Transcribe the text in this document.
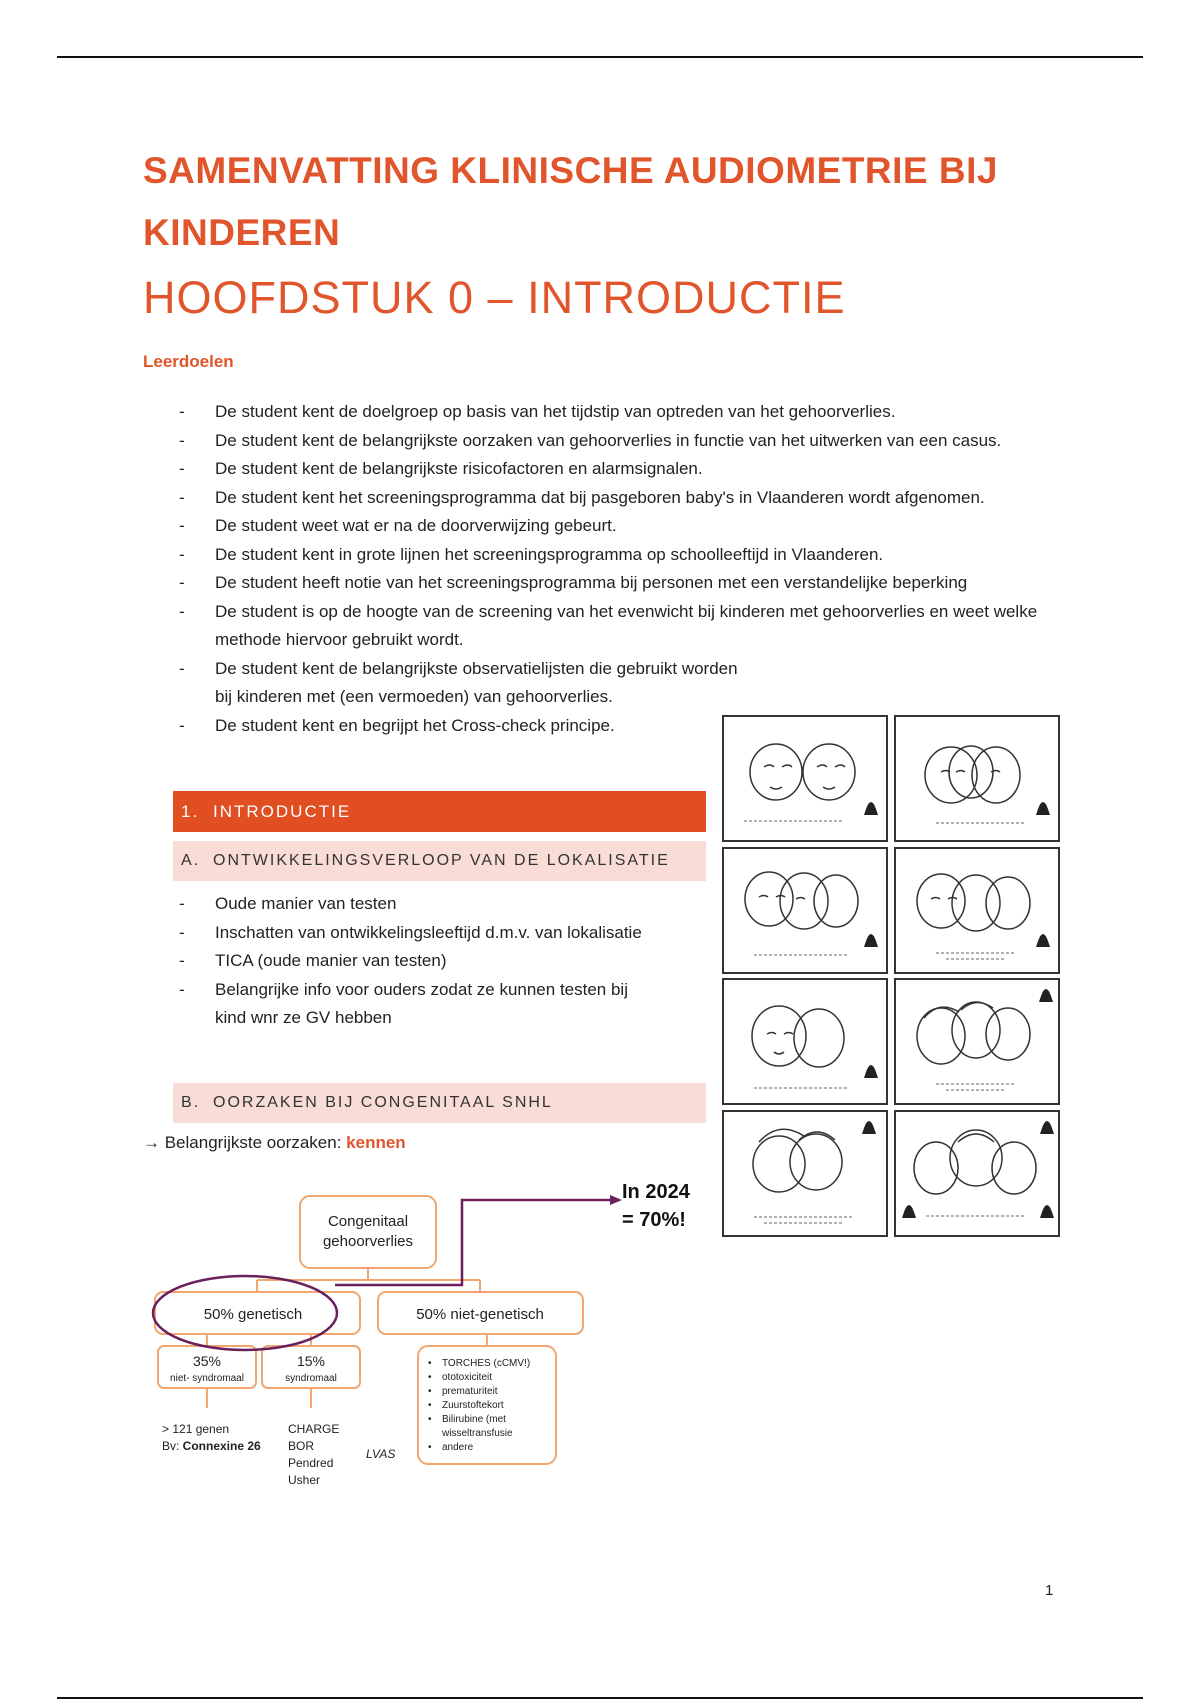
SAMENVATTING KLINISCHE AUDIOMETRIE BIJ
KINDEREN
HOOFDSTUK 0 – INTRODUCTIE
Leerdoelen
- De student kent de doelgroep op basis van het tijdstip van optreden van het gehoorverlies.
- De student kent de belangrijkste oorzaken van gehoorverlies in functie van het uitwerken van een casus.
- De student kent de belangrijkste risicofactoren en alarmsignalen.
- De student kent het screeningsprogramma dat bij pasgeboren baby's in Vlaanderen wordt afgenomen.
- De student weet wat er na de doorverwijzing gebeurt.
- De student kent in grote lijnen het screeningsprogramma op schoolleeftijd in Vlaanderen.
- De student heeft notie van het screeningsprogramma bij personen met een verstandelijke beperking
- De student is op de hoogte van de screening van het evenwicht bij kinderen met gehoorverlies en weet welke methode hiervoor gebruikt wordt.
- De student kent de belangrijkste observatielijsten die gebruikt worden bij kinderen met (een vermoeden) van gehoorverlies.
- De student kent en begrijpt het Cross-check principe.
1. INTRODUCTIE
A. ONTWIKKELINGSVERLOOP VAN DE LOKALISATIE
- Oude manier van testen
- Inschatten van ontwikkelingsleeftijd d.m.v. van lokalisatie
- TICA (oude manier van testen)
- Belangrijke info voor ouders zodat ze kunnen testen bij kind wnr ze GV hebben
B. OORZAKEN BIJ CONGENITAAL SNHL
→ Belangrijkste oorzaken: kennen
In 2024
= 70%!
Congenitaal
gehoorverlies
50% genetisch	50% niet-genetisch
35%
niet- syndromaal
15%
syndromaal
> 121 genen
Bv: Connexine 26
CHARGE
BOR
Pendred
Usher
LVAS
• TORCHES (cCMV!)
• ototoxiciteit
• prematuriteit
• Zuurstoftekort
• Bilirubine (met
wisseltransfusie
• andere
1
